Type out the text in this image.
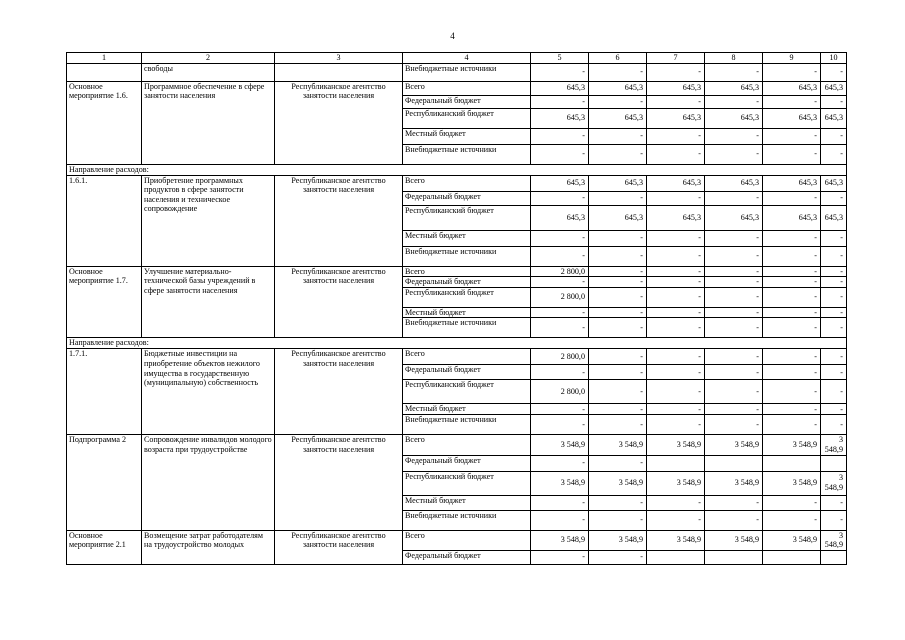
4
1	2	3	4	5	6	7	8	9	10
	свободы		Внебюджетные источники	-	-	-	-	-	-
Основное мероприятие 1.6.	Программное обеспечение в сфере занятости населения	Республиканское агентство занятости населения	Всего	645,3	645,3	645,3	645,3	645,3	645,3
			Федеральный бюджет	-	-	-	-	-	-
			Республиканский бюджет	645,3	645,3	645,3	645,3	645,3	645,3
			Местный бюджет	-	-	-	-	-	-
			Внебюджетные источники	-	-	-	-	-	-
Направление расходов:									
1.6.1.	Приобретение программных продуктов в сфере занятости населения и техническое сопровождение	Республиканское агентство занятости населения	Всего	645,3	645,3	645,3	645,3	645,3	645,3
			Федеральный бюджет	-	-	-	-	-	-
			Республиканский бюджет	645,3	645,3	645,3	645,3	645,3	645,3
			Местный бюджет	-	-	-	-	-	-
			Внебюджетные источники	-	-	-	-	-	-
Основное мероприятие 1.7.	Улучшение материально-технической базы учреждений в сфере занятости населения	Республиканское агентство занятости населения	Всего	2 800,0	-	-	-	-	-
			Федеральный бюджет	-	-	-	-	-	-
			Республиканский бюджет	2 800,0	-	-	-	-	-
			Местный бюджет	-	-	-	-	-	-
			Внебюджетные источники	-	-	-	-	-	-
Направление расходов:									
1.7.1.	Бюджетные инвестиции на приобретение объектов нежилого имущества в государственную (муниципальную) собственность	Республиканское агентство занятости населения	Всего	2 800,0	-	-	-	-	-
			Федеральный бюджет	-	-	-	-	-	-
			Республиканский бюджет	2 800,0	-	-	-	-	-
			Местный бюджет	-	-	-	-	-	-
			Внебюджетные источники	-	-	-	-	-	-
Подпрограмма 2	Сопровождение инвалидов молодого возраста при трудоустройстве	Республиканское агентство занятости населения	Всего	3 548,9	3 548,9	3 548,9	3 548,9	3 548,9	3 548,9
			Федеральный бюджет	-	-				
			Республиканский бюджет	3 548,9	3 548,9	3 548,9	3 548,9	3 548,9	3 548,9
			Местный бюджет	-	-	-	-	-	-
			Внебюджетные источники	-	-	-	-	-	-
Основное мероприятие 2.1	Возмещение затрат работодателям на трудоустройство молодых	Республиканское агентство занятости населения	Всего	3 548,9	3 548,9	3 548,9	3 548,9	3 548,9	3 548,9
			Федеральный бюджет	-	-				
